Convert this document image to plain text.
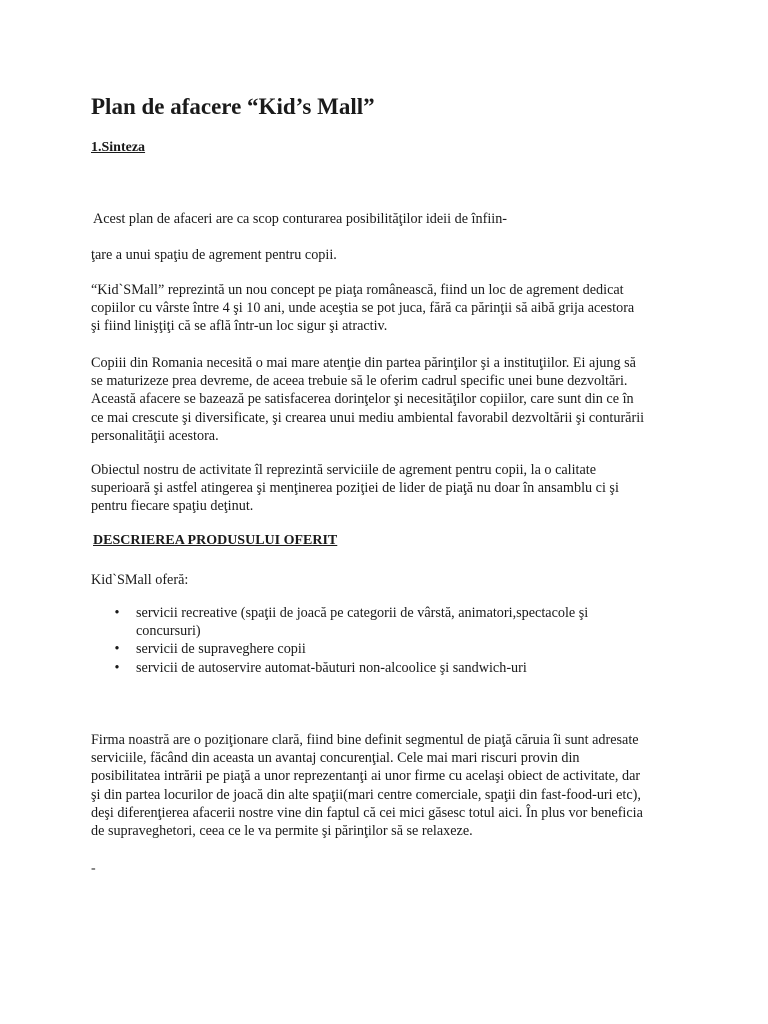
Plan de afacere “Kid’s Mall”
1.Sinteza

Acest plan de afaceri are ca scop conturarea posibilităţilor ideii de înfiin-

ţare a unui spaţiu de agrement pentru copii.

“Kid`SMall” reprezintă un nou concept pe piaţa românească, fiind un loc de agrement dedicat
copiilor cu vârste între 4 şi 10 ani, unde aceştia se pot juca, fără ca părinţii să aibă grija acestora
şi fiind linişţiţi că se află într-un loc sigur şi atractiv.

Copiii din Romania necesită o mai mare atenţie din partea părinţilor şi a instituţiilor. Ei ajung să
se maturizeze prea devreme, de aceea trebuie să le oferim cadrul specific unei bune dezvoltări.
Această afacere se bazează pe satisfacerea dorinţelor şi necesităţilor copiilor, care sunt din ce în
ce mai crescute şi diversificate, şi crearea unui mediu ambiental favorabil dezvoltării şi conturării
personalităţii acestora.

Obiectul nostru de activitate îl reprezintă serviciile de agrement pentru copii, la o calitate
superioară şi astfel atingerea şi menţinerea poziţiei de lider de piaţă nu doar în ansamblu ci şi
pentru fiecare spaţiu deţinut.

DESCRIEREA PRODUSULUI OFERIT

Kid`SMall oferă:

• servicii recreative (spaţii de joacă pe categorii de vârstă, animatori,spectacole şi
concursuri)
• servicii de supraveghere copii
• servicii de autoservire automat-băuturi non-alcoolice şi sandwich-uri

Firma noastră are o poziţionare clară, fiind bine definit segmentul de piaţă căruia îi sunt adresate
serviciile, făcând din aceasta un avantaj concurenţial. Cele mai mari riscuri provin din
posibilitatea intrării pe piaţă a unor reprezentanţi ai unor firme cu acelaşi obiect de activitate, dar
şi din partea locurilor de joacă din alte spaţii(mari centre comerciale, spaţii din fast-food-uri etc),
deşi diferenţierea afacerii nostre vine din faptul că cei mici găsesc totul aici. În plus vor beneficia
de supraveghetori, ceea ce le va permite şi părinţilor să se relaxeze.

-
